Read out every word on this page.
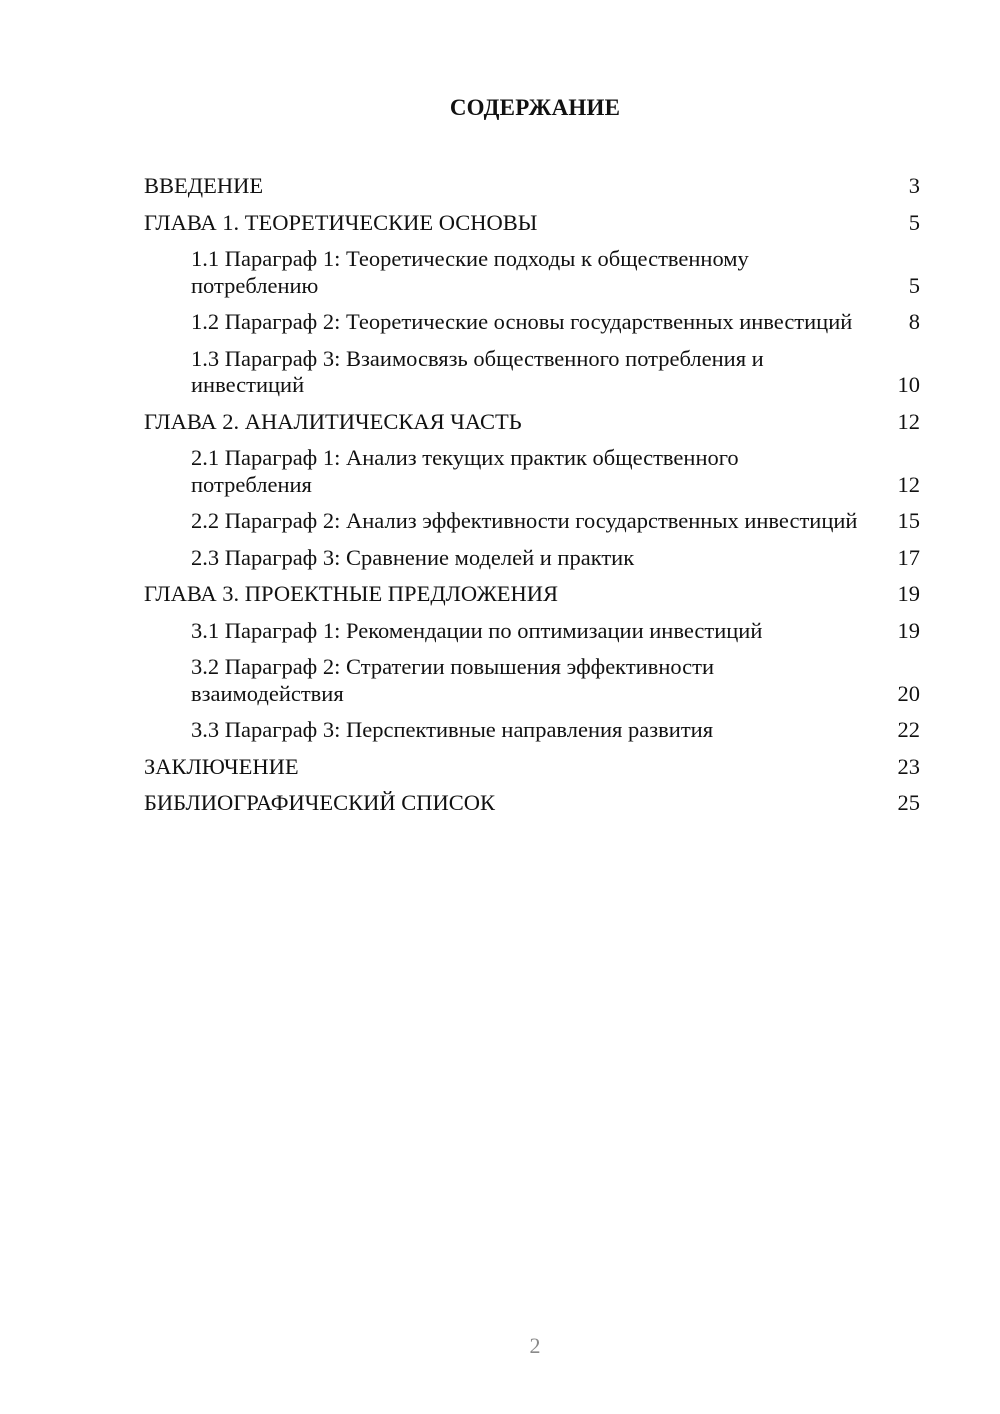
СОДЕРЖАНИЕ
ВВЕДЕНИЕ	3
ГЛАВА 1. ТЕОРЕТИЧЕСКИЕ ОСНОВЫ	5
1.1 Параграф 1: Теоретические подходы к общественному потреблению	5
1.2 Параграф 2: Теоретические основы государственных инвестиций	8
1.3 Параграф 3: Взаимосвязь общественного потребления и инвестиций	10
ГЛАВА 2. АНАЛИТИЧЕСКАЯ ЧАСТЬ	12
2.1 Параграф 1: Анализ текущих практик общественного потребления	12
2.2 Параграф 2: Анализ эффективности государственных инвестиций 15
2.3 Параграф 3: Сравнение моделей и практик	17
ГЛАВА 3. ПРОЕКТНЫЕ ПРЕДЛОЖЕНИЯ	19
3.1 Параграф 1: Рекомендации по оптимизации инвестиций	19
3.2 Параграф 2: Стратегии повышения эффективности взаимодействия	20
3.3 Параграф 3: Перспективные направления развития	22
ЗАКЛЮЧЕНИЕ	23
БИБЛИОГРАФИЧЕСКИЙ СПИСОК	25
2
